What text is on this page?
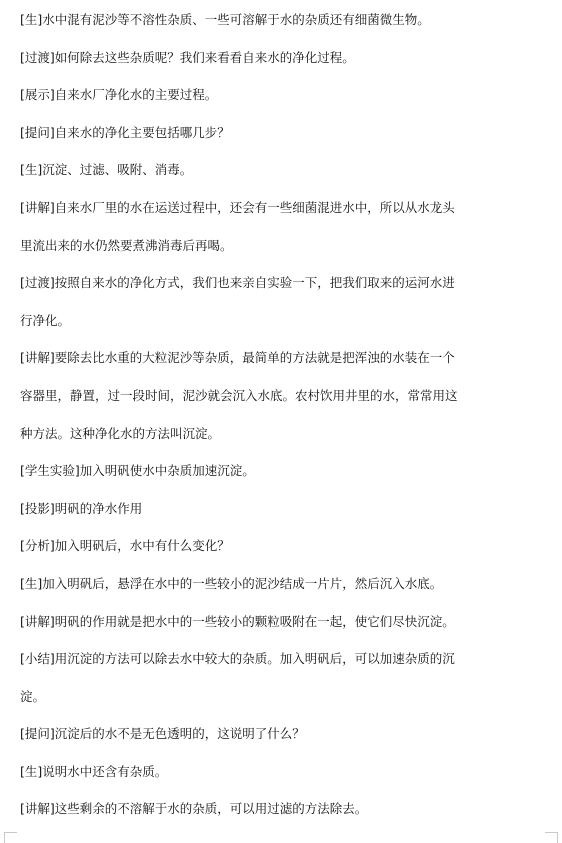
[生]水中混有泥沙等不溶性杂质、一些可溶解于水的杂质还有细菌微生物。
[过渡]如何除去这些杂质呢？我们来看看自来水的净化过程。
[展示]自来水厂净化水的主要过程。
[提问]自来水的净化主要包括哪几步？
[生]沉淀、过滤、吸附、消毒。
[讲解]自来水厂里的水在运送过程中，还会有一些细菌混进水中，所以从水龙头
里流出来的水仍然要煮沸消毒后再喝。
[过渡]按照自来水的净化方式，我们也来亲自实验一下，把我们取来的运河水进
行净化。
[讲解]要除去比水重的大粒泥沙等杂质，最简单的方法就是把浑浊的水装在一个
容器里，静置，过一段时间，泥沙就会沉入水底。农村饮用井里的水，常常用这
种方法。这种净化水的方法叫沉淀。
[学生实验]加入明矾使水中杂质加速沉淀。
[投影]明矾的净水作用
[分析]加入明矾后，水中有什么变化？
[生]加入明矾后，悬浮在水中的一些较小的泥沙结成一片片，然后沉入水底。
[讲解]明矾的作用就是把水中的一些较小的颗粒吸附在一起，使它们尽快沉淀。
[小结]用沉淀的方法可以除去水中较大的杂质。加入明矾后，可以加速杂质的沉
淀。
[提问]沉淀后的水不是无色透明的，这说明了什么？
[生]说明水中还含有杂质。
[讲解]这些剩余的不溶解于水的杂质，可以用过滤的方法除去。
